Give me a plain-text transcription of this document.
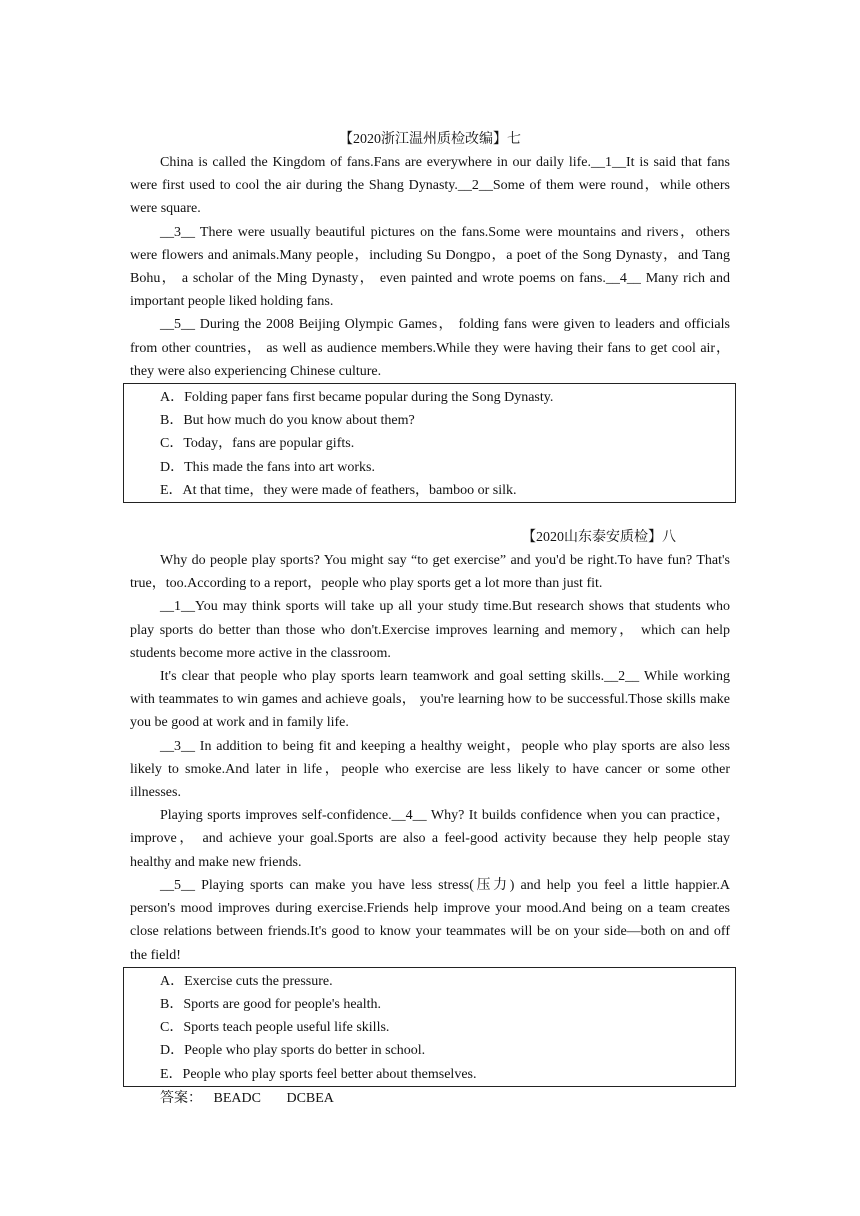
【2020浙江温州质检改编】七

China is called the Kingdom of fans.Fans are everywhere in our daily life.__1__It is said that fans were first used to cool the air during the Shang Dynasty.__2__Some of them were round，while others were square.

__3__ There were usually beautiful pictures on the fans.Some were mountains and rivers，others were flowers and animals.Many people，including Su Dongpo，a poet of the Song Dynasty，and Tang Bohu， a scholar of the Ming Dynasty， even painted and wrote poems on fans.__4__ Many rich and important people liked holding fans.

__5__ During the 2008 Beijing Olympic Games， folding fans were given to leaders and officials from other countries， as well as audience members.While they were having their fans to get cool air， they were also experiencing Chinese culture.

A．Folding paper fans first became popular during the Song Dynasty.
B．But how much do you know about them?
C．Today，fans are popular gifts.
D．This made the fans into art works.
E．At that time，they were made of feathers，bamboo or silk.
【2020山东泰安质检】八

Why do people play sports? You might say “to get exercise” and you'd be right.To have fun? That's true，too.According to a report，people who play sports get a lot more than just fit.

__1__You may think sports will take up all your study time.But research shows that students who play sports do better than those who don't.Exercise improves learning and memory， which can help students become more active in the classroom.

It's clear that people who play sports learn teamwork and goal setting skills.__2__ While working with teammates to win games and achieve goals， you're learning how to be successful.Those skills make you be good at work and in family life.

__3__ In addition to being fit and keeping a healthy weight，people who play sports are also less likely to smoke.And later in life，people who exercise are less likely to have cancer or some other illnesses.

Playing sports improves self-confidence.__4__ Why? It builds confidence when you can practice， improve， and achieve your goal.Sports are also a feel-good activity because they help people stay healthy and make new friends.

__5__ Playing sports can make you have less stress(压力) and help you feel a little happier.A person's mood improves during exercise.Friends help improve your mood.And being on a team creates close relations between friends.It's good to know your teammates will be on your side—both on and off the field!

A．Exercise cuts the pressure.
B．Sports are good for people's health.
C．Sports teach people useful life skills.
D．People who play sports do better in school.
E．People who play sports feel better about themselves.
答案： BEADC DCBEA
